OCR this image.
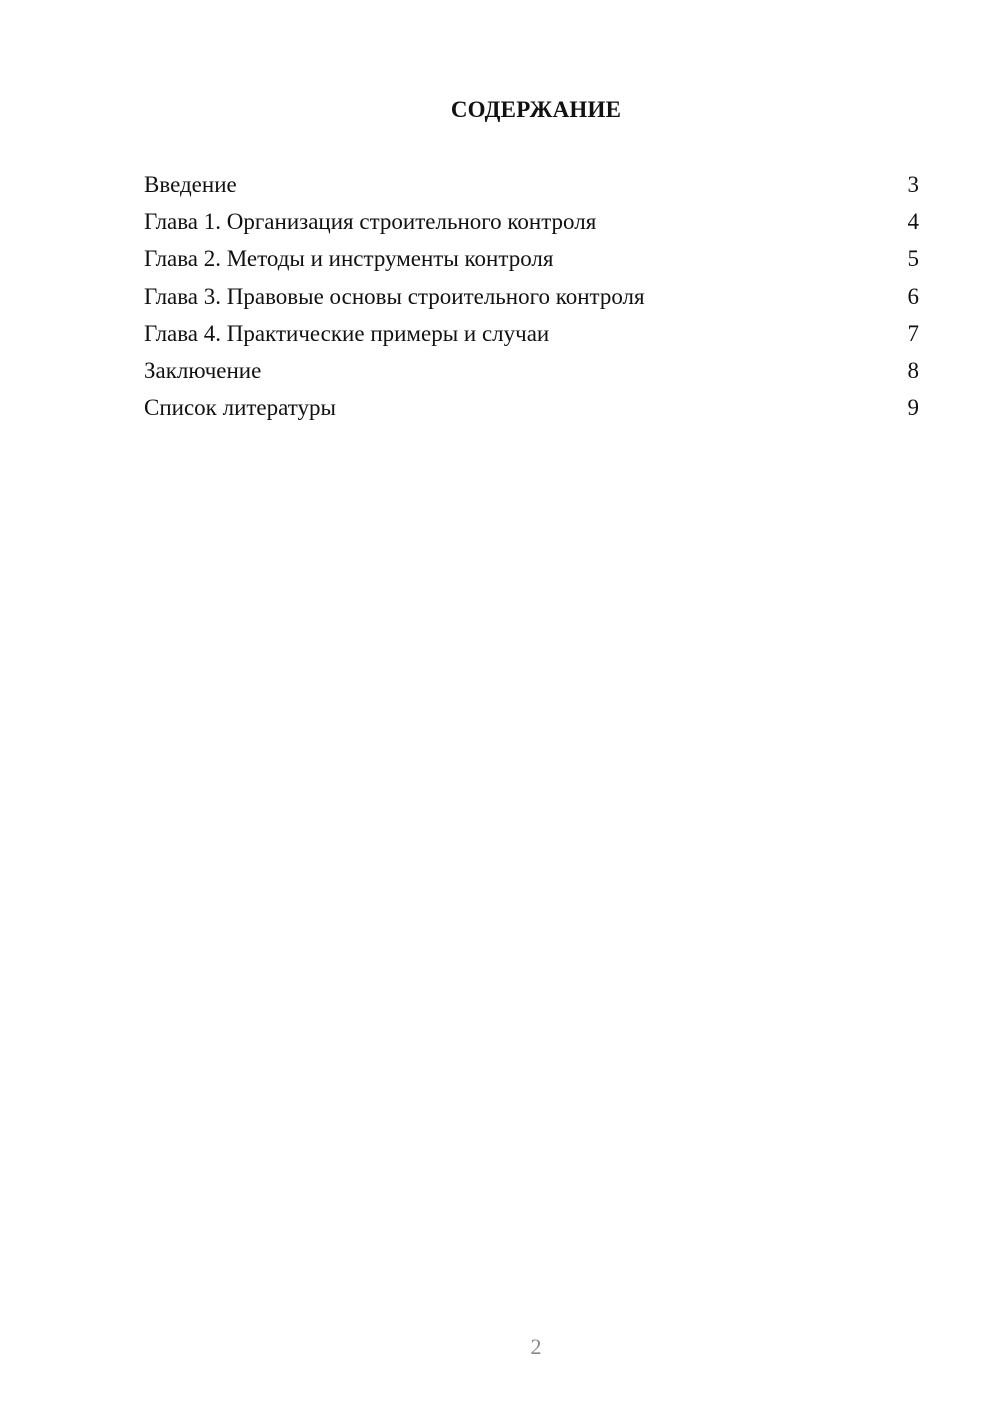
СОДЕРЖАНИЕ
Введение	3
Глава 1. Организация строительного контроля	4
Глава 2. Методы и инструменты контроля	5
Глава 3. Правовые основы строительного контроля	6
Глава 4. Практические примеры и случаи	7
Заключение	8
Список литературы	9
2
